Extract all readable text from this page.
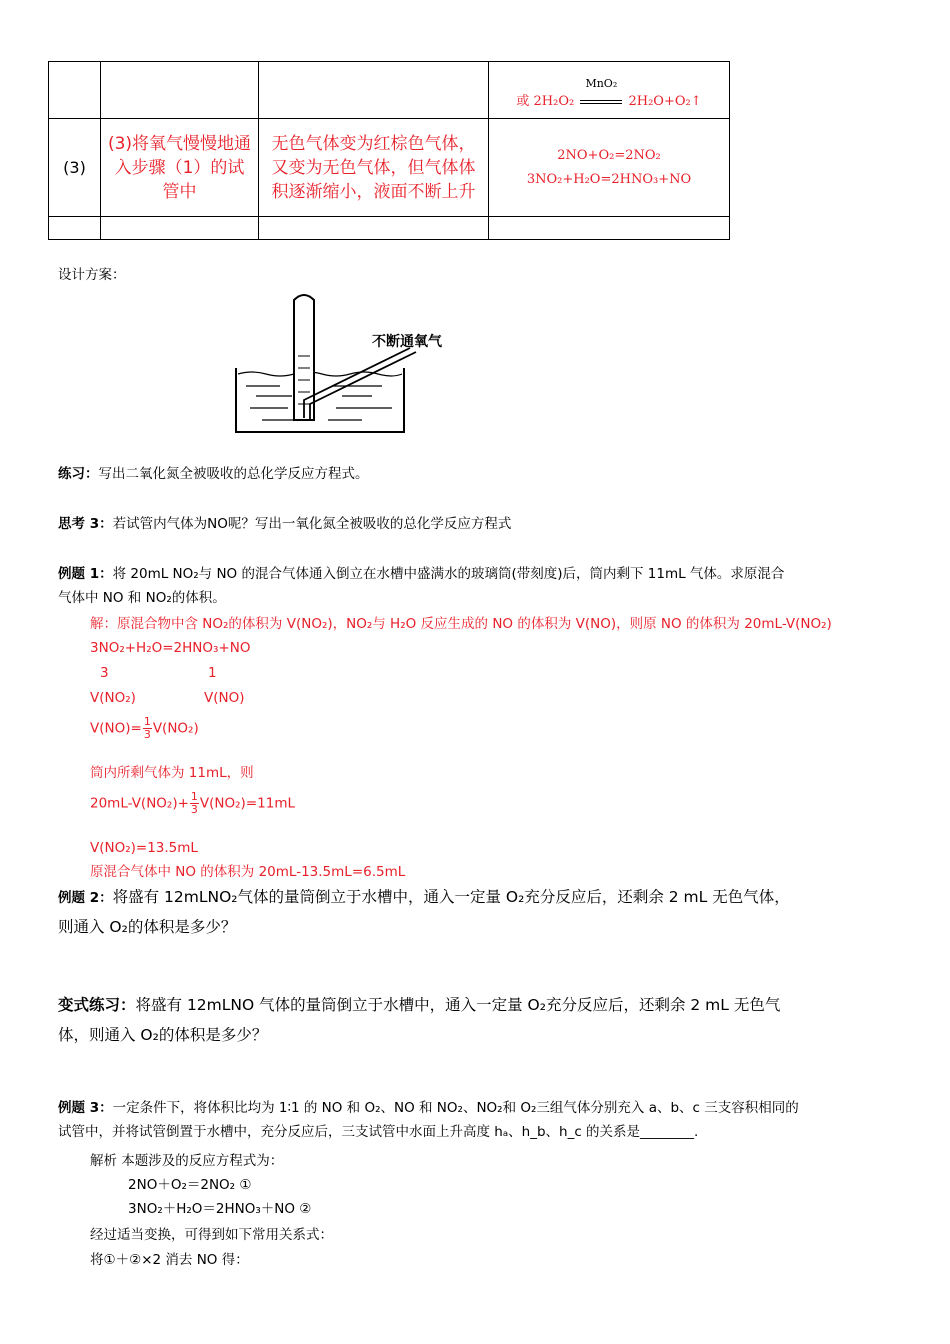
			或 2H₂O₂
MnO₂
2H₂O+O₂↑
(3)	(3)将氧气慢慢地通入步骤（1）的试管中	无色气体变为红棕色气体，又变为无色气体，但气体体积逐渐缩小，液面不断上升	2NO+O₂=2NO₂
3NO₂+H₂O=2HNO₃+NO

设计方案：
不断通氧气
练习：写出二氧化氮全被吸收的总化学反应方程式。
思考 3：若试管内气体为NO呢？写出一氧化氮全被吸收的总化学反应方程式
例题 1：将 20mL NO₂与 NO 的混合气体通入倒立在水槽中盛满水的玻璃筒(带刻度)后，筒内剩下 11mL 气体。求原混合
气体中 NO 和 NO₂的体积。
解：原混合物中含 NO₂的体积为 V(NO₂)，NO₂与 H₂O 反应生成的 NO 的体积为 V(NO)，则原 NO 的体积为 20mL-V(NO₂)
3NO₂+H₂O=2HNO₃+NO
3	1
V(NO₂)	V(NO)
$V(NO)= \frac{1}{3} V(NO_2)$
筒内所剩气体为 11mL，则
$20mL-V(NO_2)+ \frac{1}{3} V(NO_2)=11mL$
V(NO₂)=13.5mL
原混合气体中 NO 的体积为 20mL-13.5mL=6.5mL
例题 2：将盛有 12mLNO₂气体的量筒倒立于水槽中，通入一定量 O₂充分反应后，还剩余 2 mL 无色气体，
则通入 O₂的体积是多少？
变式练习：将盛有 12mLNO 气体的量筒倒立于水槽中，通入一定量 O₂充分反应后，还剩余 2 mL 无色气
体，则通入 O₂的体积是多少？
例题 3：一定条件下，将体积比均为 1∶1 的 NO 和 O₂、NO 和 NO₂、NO₂和 O₂三组气体分别充入 a、b、c 三支容积相同的
试管中，并将试管倒置于水槽中，充分反应后，三支试管中水面上升高度 hₐ、h_b、h_c 的关系是________.
解析 本题涉及的反应方程式为：
2NO＋O₂＝2NO₂ ①
3NO₂＋H₂O＝2HNO₃＋NO ②
经过适当变换，可得到如下常用关系式：
将①＋②×2 消去 NO 得：
